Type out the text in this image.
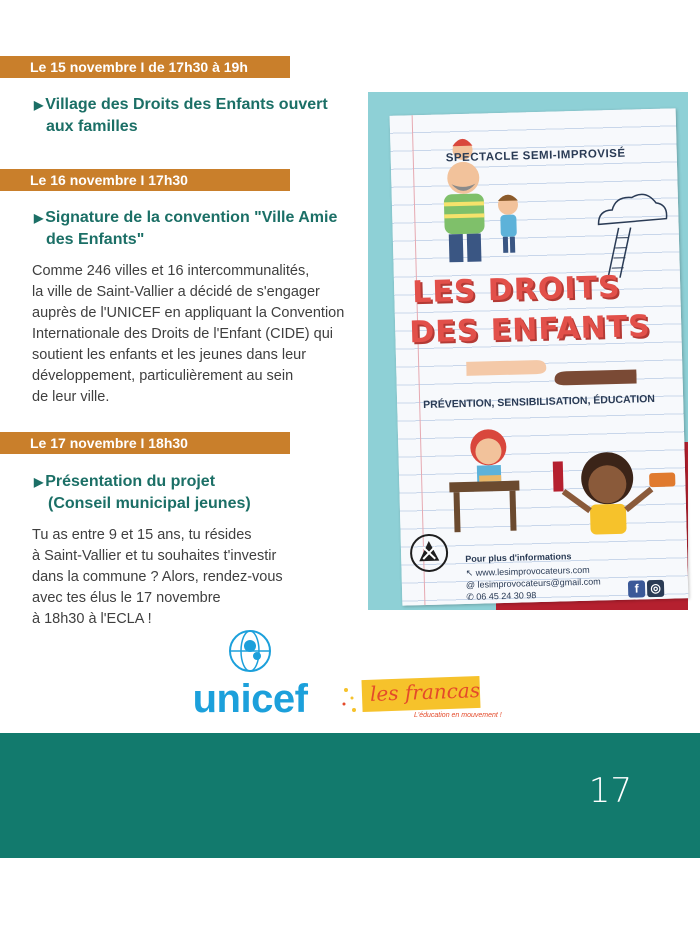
Le 15 novembre I de 17h30 à 19h
▶ Village des Droits des Enfants ouvert
aux familles
Le 16 novembre I 17h30
▶ Signature de la convention "Ville Amie
des Enfants"
Comme 246 villes et 16 intercommunalités,
la ville de Saint-Vallier a décidé de s'engager
auprès de l'UNICEF en appliquant la Convention
Internationale des Droits de l'Enfant (CIDE) qui
soutient les enfants et les jeunes dans leur
développement, particulièrement au sein
de leur ville.
Le 17 novembre I 18h30
▶ Présentation du projet
(Conseil municipal jeunes)
Tu as entre 9 et 15 ans, tu résides
à Saint-Vallier et tu souhaites t'investir
dans la commune ? Alors, rendez-vous
avec tes élus le 17 novembre
à 18h30 à l'ECLA !
SPECTACLE SEMI-IMPROVISÉ
LES DROITS
DES ENFANTS
PRÉVENTION, SENSIBILISATION, ÉDUCATION
Pour plus d'informations
↖ www.lesimprovocateurs.com
@ lesimprovocateurs@gmail.com
✆ 06 45 24 30 98
f ◎
unicef	les francas
L'éducation en mouvement !
17
